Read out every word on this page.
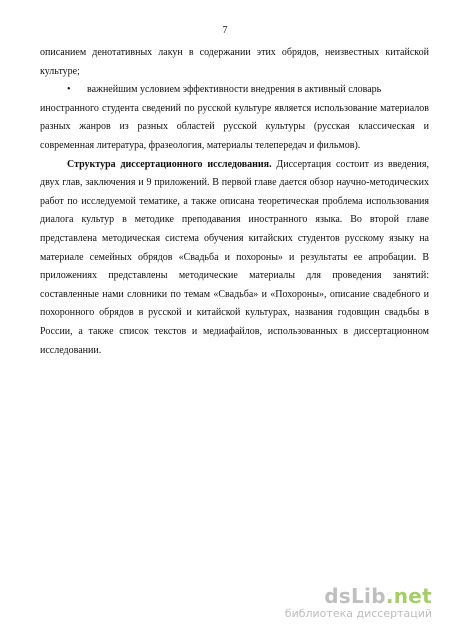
7

описанием денотативных лакун в содержании этих обрядов, неизвестных китайской культуре;

•	важнейшим условием эффективности внедрения в активный словарь

иностранного студента сведений по русской культуре является использование материалов разных жанров из разных областей русской культуры (русская классическая и современная литература, фразеология, материалы телепередач и фильмов).

Структура диссертационного исследования. Диссертация состоит из введения, двух глав, заключения и 9 приложений. В первой главе дается обзор научно-методических работ по исследуемой тематике, а также описана теоретическая проблема использования диалога культур в методике преподавания иностранного языка. Во второй главе представлена методическая система обучения китайских студентов русскому языку на материале семейных обрядов «Свадьба и похороны» и результаты ее апробации. В приложениях представлены методические материалы для проведения занятий: составленные нами словники по темам «Свадьба» и «Похороны», описание свадебного и похоронного обрядов в русской и китайской культурах, названия годовщин свадьбы в России, а также список текстов и медиафайлов, использованных в диссертационном исследовании.

dsLib.net
библиотека диссертаций
